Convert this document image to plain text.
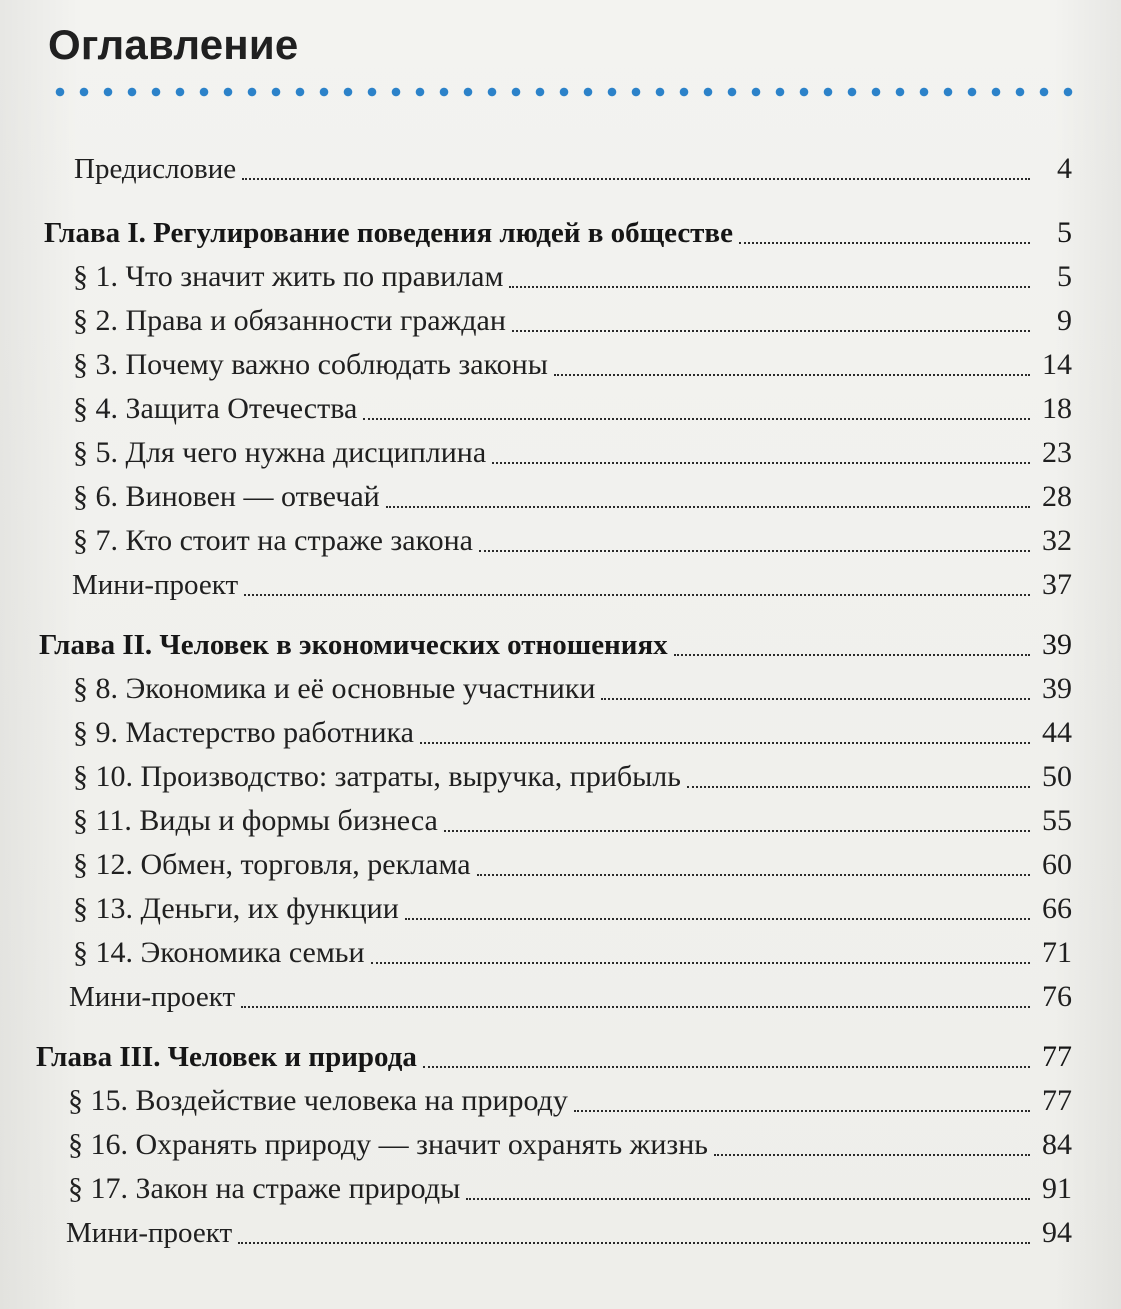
Оглавление
Предисловие	4
Глава I. Регулирование поведения людей в обществе	5
§ 1. Что значит жить по правилам	5
§ 2. Права и обязанности граждан	9
§ 3. Почему важно соблюдать законы	14
§ 4. Защита Отечества	18
§ 5. Для чего нужна дисциплина	23
§ 6. Виновен — отвечай	28
§ 7. Кто стоит на страже закона	32
Мини-проект	37
Глава II. Человек в экономических отношениях	39
§ 8. Экономика и её основные участники	39
§ 9. Мастерство работника	44
§ 10. Производство: затраты, выручка, прибыль	50
§ 11. Виды и формы бизнеса	55
§ 12. Обмен, торговля, реклама	60
§ 13. Деньги, их функции	66
§ 14. Экономика семьи	71
Мини-проект	76
Глава III. Человек и природа	77
§ 15. Воздействие человека на природу	77
§ 16. Охранять природу — значит охранять жизнь	84
§ 17. Закон на страже природы	91
Мини-проект	94
